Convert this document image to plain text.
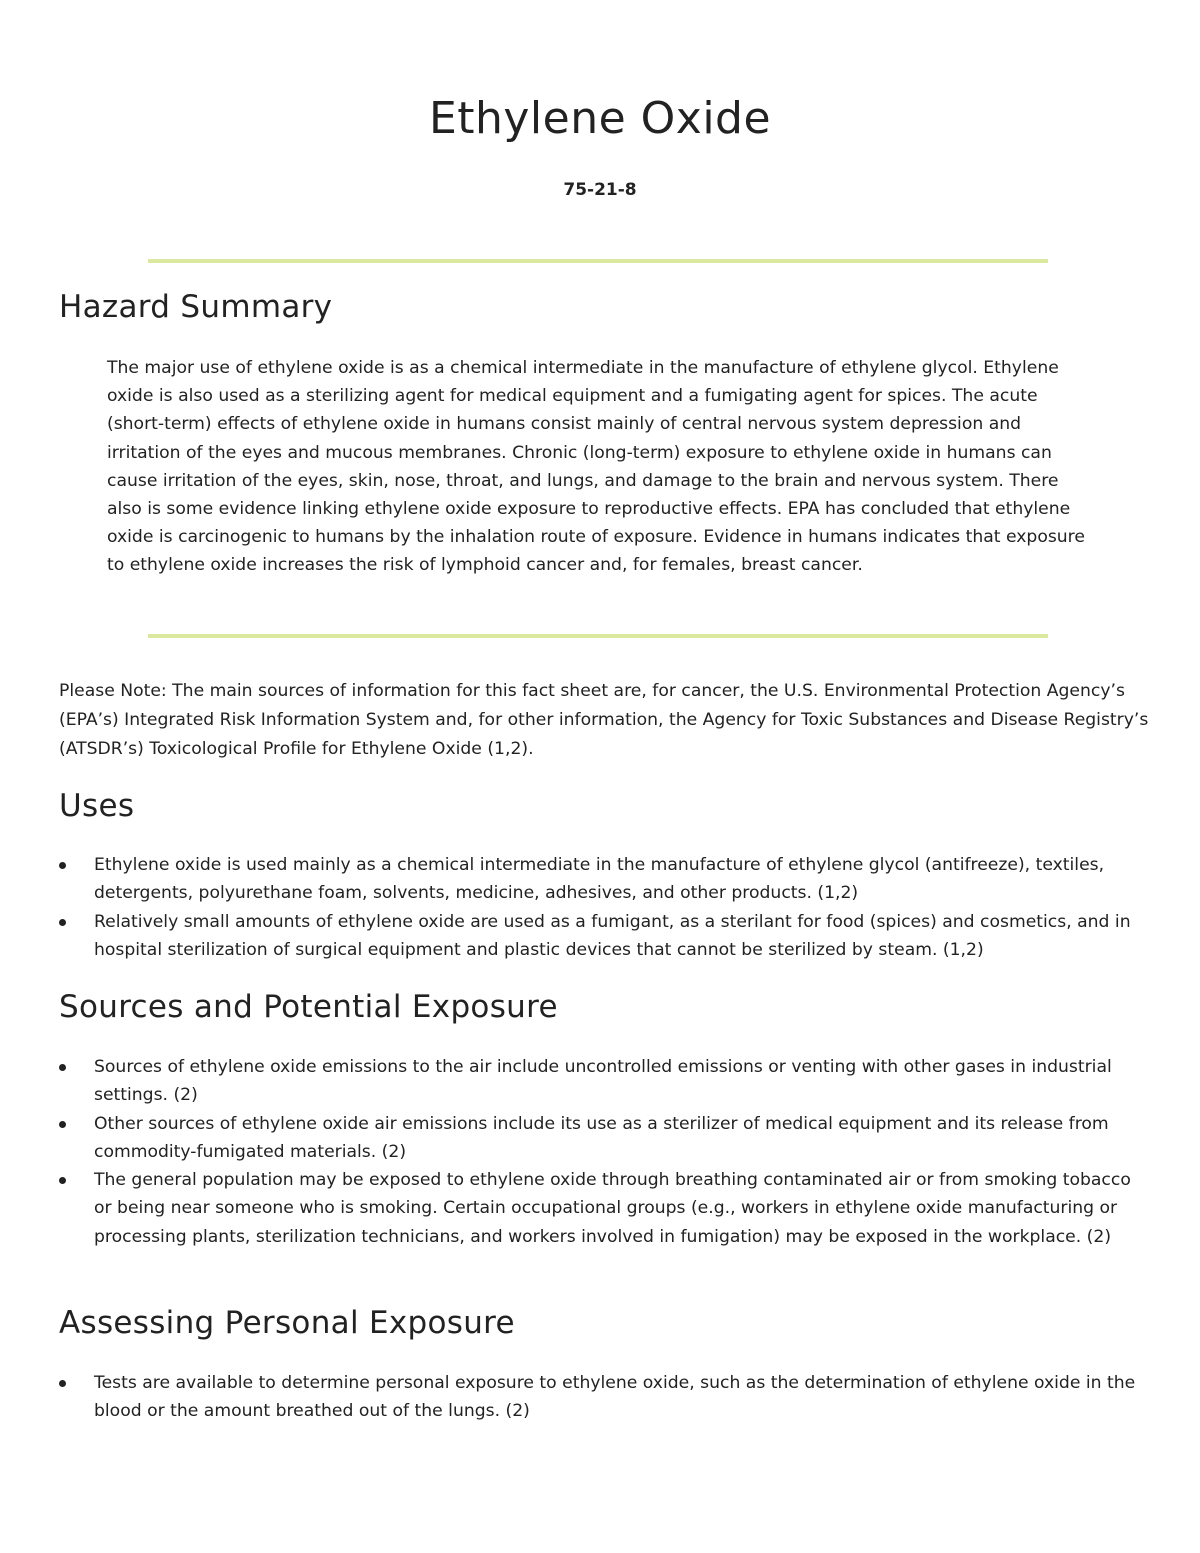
Ethylene Oxide
75-21-8
Hazard Summary

The major use of ethylene oxide is as a chemical intermediate in the manufacture of ethylene glycol. Ethylene oxide is also used as a sterilizing agent for medical equipment and a fumigating agent for spices. The acute (short-term) effects of ethylene oxide in humans consist mainly of central nervous system depression and irritation of the eyes and mucous membranes. Chronic (long-term) exposure to ethylene oxide in humans can cause irritation of the eyes, skin, nose, throat, and lungs, and damage to the brain and nervous system. There also is some evidence linking ethylene oxide exposure to reproductive effects. EPA has concluded that ethylene oxide is carcinogenic to humans by the inhalation route of exposure. Evidence in humans indicates that exposure to ethylene oxide increases the risk of lymphoid cancer and, for females, breast cancer.

Please Note: The main sources of information for this fact sheet are, for cancer, the U.S. Environmental Protection Agency’s (EPA’s) Integrated Risk Information System and, for other information, the Agency for Toxic Substances and Disease Registry’s (ATSDR’s) Toxicological Profile for Ethylene Oxide (1,2).

Uses
Ethylene oxide is used mainly as a chemical intermediate in the manufacture of ethylene glycol (antifreeze), textiles, detergents, polyurethane foam, solvents, medicine, adhesives, and other products. (1,2)
Relatively small amounts of ethylene oxide are used as a fumigant, as a sterilant for food (spices) and cosmetics, and in hospital sterilization of surgical equipment and plastic devices that cannot be sterilized by steam. (1,2)
Sources and Potential Exposure
Sources of ethylene oxide emissions to the air include uncontrolled emissions or venting with other gases in industrial settings. (2)
Other sources of ethylene oxide air emissions include its use as a sterilizer of medical equipment and its release from commodity-fumigated materials. (2)
The general population may be exposed to ethylene oxide through breathing contaminated air or from smoking tobacco or being near someone who is smoking. Certain occupational groups (e.g., workers in ethylene oxide manufacturing or processing plants, sterilization technicians, and workers involved in fumigation) may be exposed in the workplace. (2)
Assessing Personal Exposure
Tests are available to determine personal exposure to ethylene oxide, such as the determination of ethylene oxide in the blood or the amount breathed out of the lungs. (2)
